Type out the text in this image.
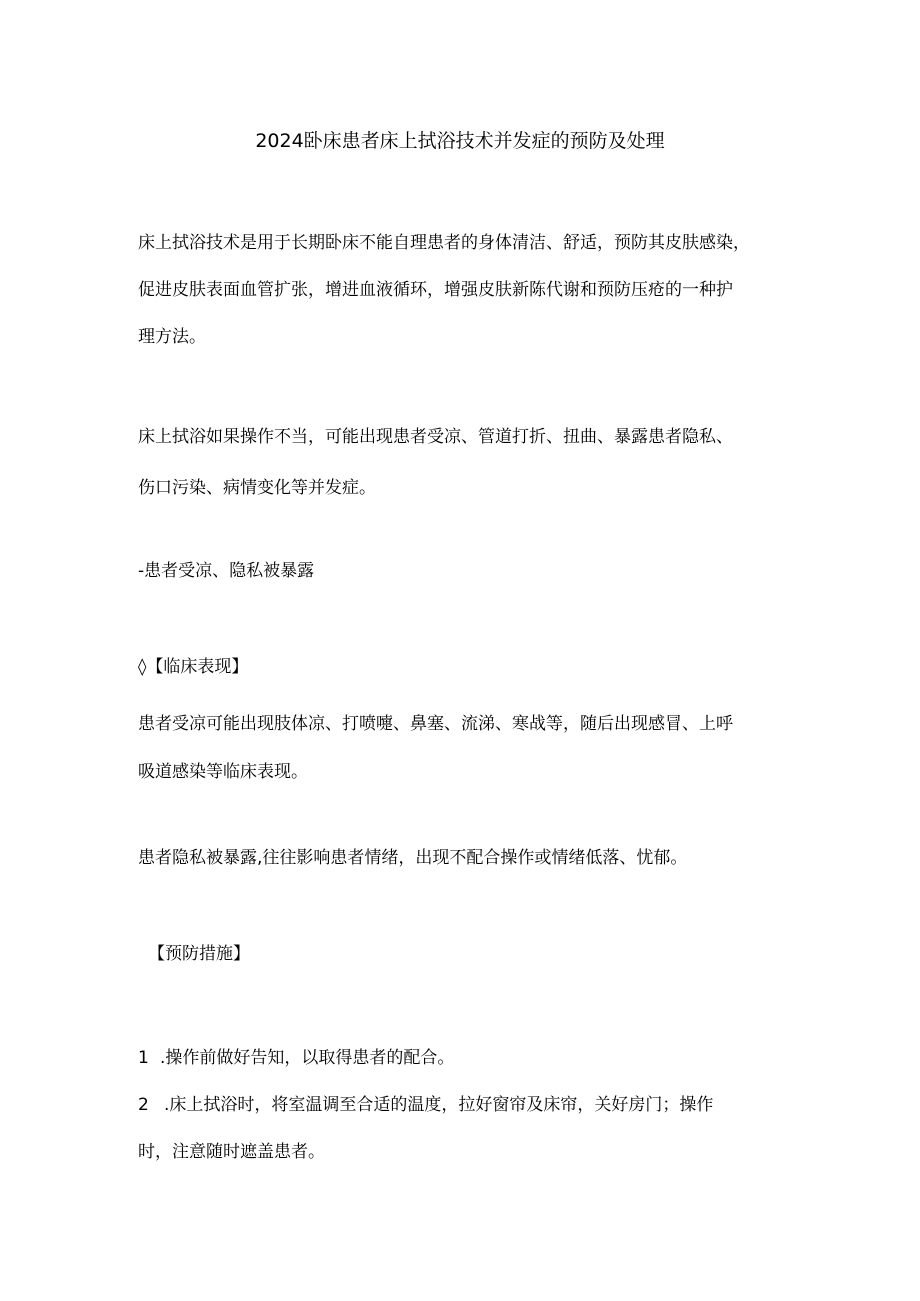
2024卧床患者床上拭浴技术并发症的预防及处理
床上拭浴技术是用于长期卧床不能自理患者的身体清洁、舒适，预防其皮肤感染，
促进皮肤表面血管扩张，增进血液循环，增强皮肤新陈代谢和预防压疮的一种护
理方法。
床上拭浴如果操作不当，可能出现患者受凉、管道打折、扭曲、暴露患者隐私、
伤口污染、病情变化等并发症。
-患者受凉、隐私被暴露
◊【临床表现】
患者受凉可能出现肢体凉、打喷嚏、鼻塞、流涕、寒战等，随后出现感冒、上呼
吸道感染等临床表现。
患者隐私被暴露,往往影响患者情绪，出现不配合操作或情绪低落、忧郁。
【预防措施】
1 .操作前做好告知，以取得患者的配合。
2 .床上拭浴时，将室温调至合适的温度，拉好窗帘及床帘，关好房门；操作
时，注意随时遮盖患者。
